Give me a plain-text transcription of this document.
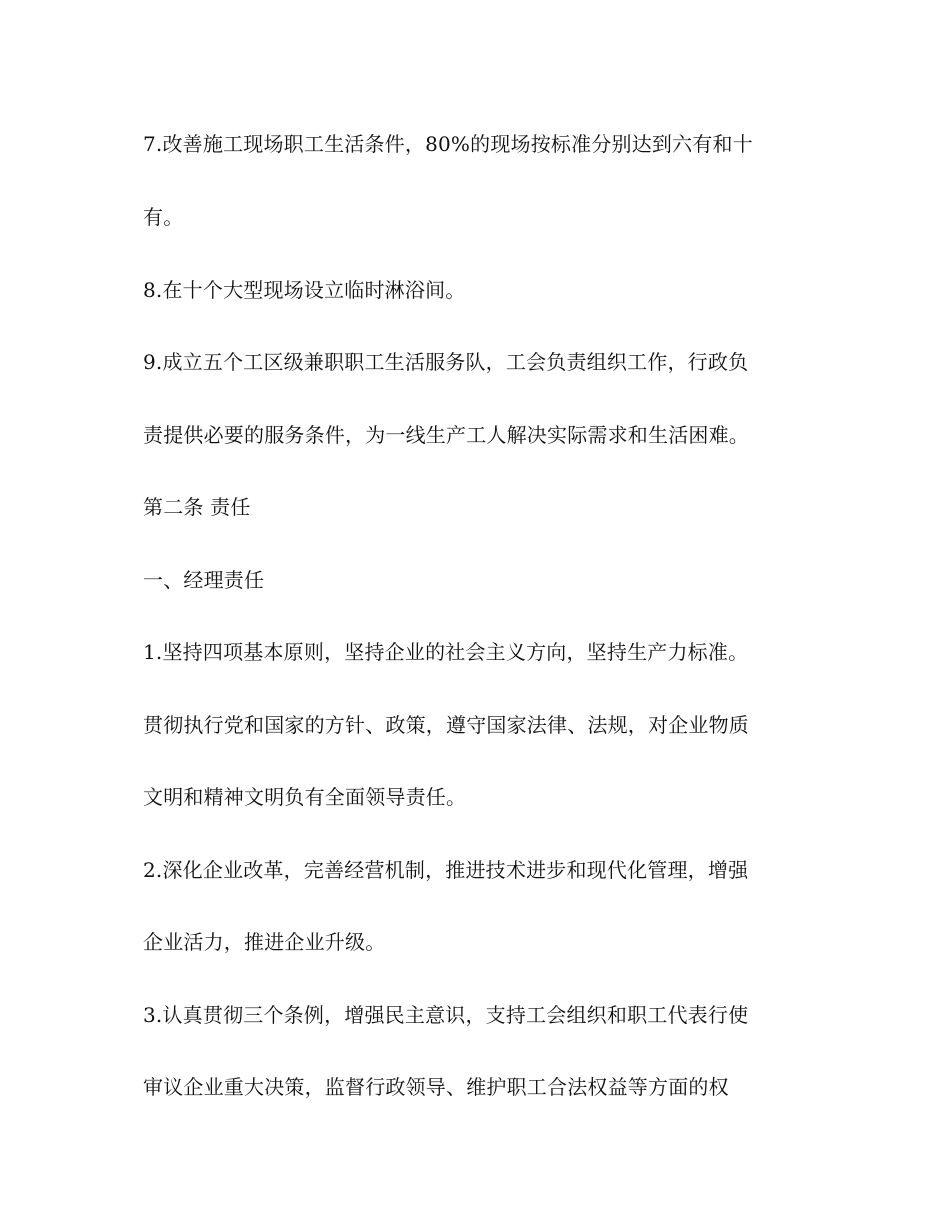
7.改善施工现场职工生活条件，80%的现场按标准分别达到六有和十
有。
8.在十个大型现场设立临时淋浴间。
9.成立五个工区级兼职职工生活服务队，工会负责组织工作，行政负
责提供必要的服务条件，为一线生产工人解决实际需求和生活困难。
第二条 责任
一、经理责任
1.坚持四项基本原则，坚持企业的社会主义方向，坚持生产力标准。
贯彻执行党和国家的方针、政策，遵守国家法律、法规，对企业物质
文明和精神文明负有全面领导责任。
2.深化企业改革，完善经营机制，推进技术进步和现代化管理，增强
企业活力，推进企业升级。
3.认真贯彻三个条例，增强民主意识，支持工会组织和职工代表行使
审议企业重大决策，监督行政领导、维护职工合法权益等方面的权
